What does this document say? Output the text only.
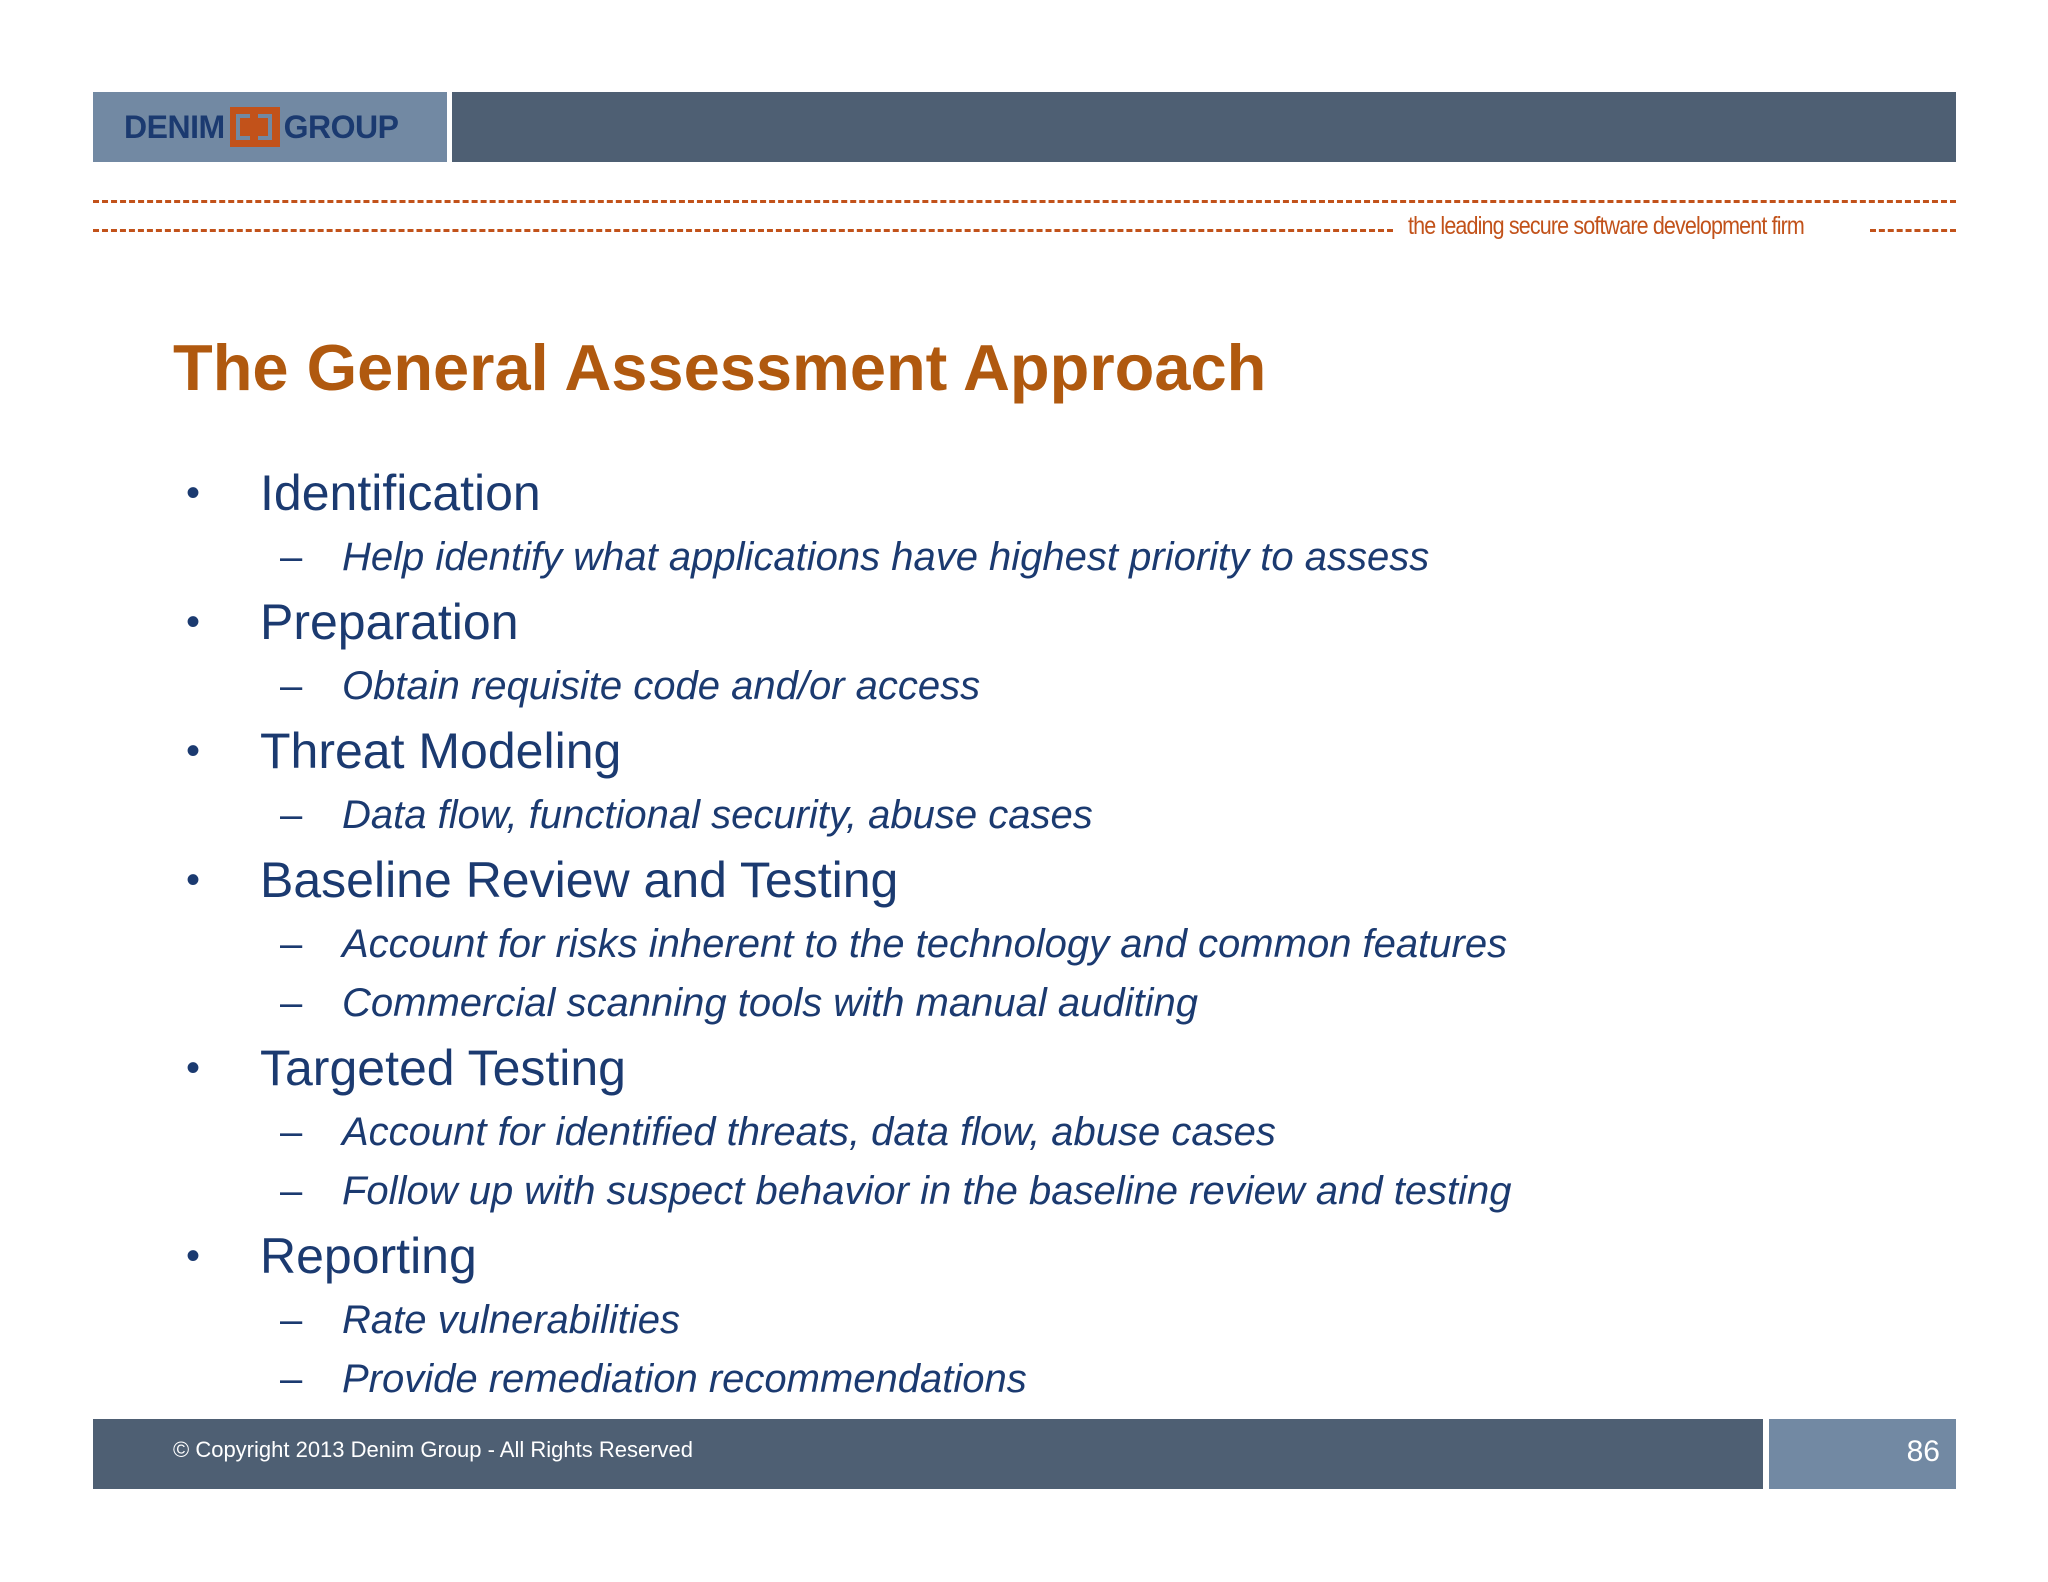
DENIM GROUP
the leading secure software development firm
The General Assessment Approach
•	Identification
– Help identify what applications have highest priority to assess
•	Preparation
– Obtain requisite code and/or access
•	Threat Modeling
– Data flow, functional security, abuse cases
•	Baseline Review and Testing
– Account for risks inherent to the technology and common features
– Commercial scanning tools with manual auditing
•	Targeted Testing
– Account for identified threats, data flow, abuse cases
– Follow up with suspect behavior in the baseline review and testing
•	Reporting
– Rate vulnerabilities
– Provide remediation recommendations
© Copyright 2013 Denim Group - All Rights Reserved	86
